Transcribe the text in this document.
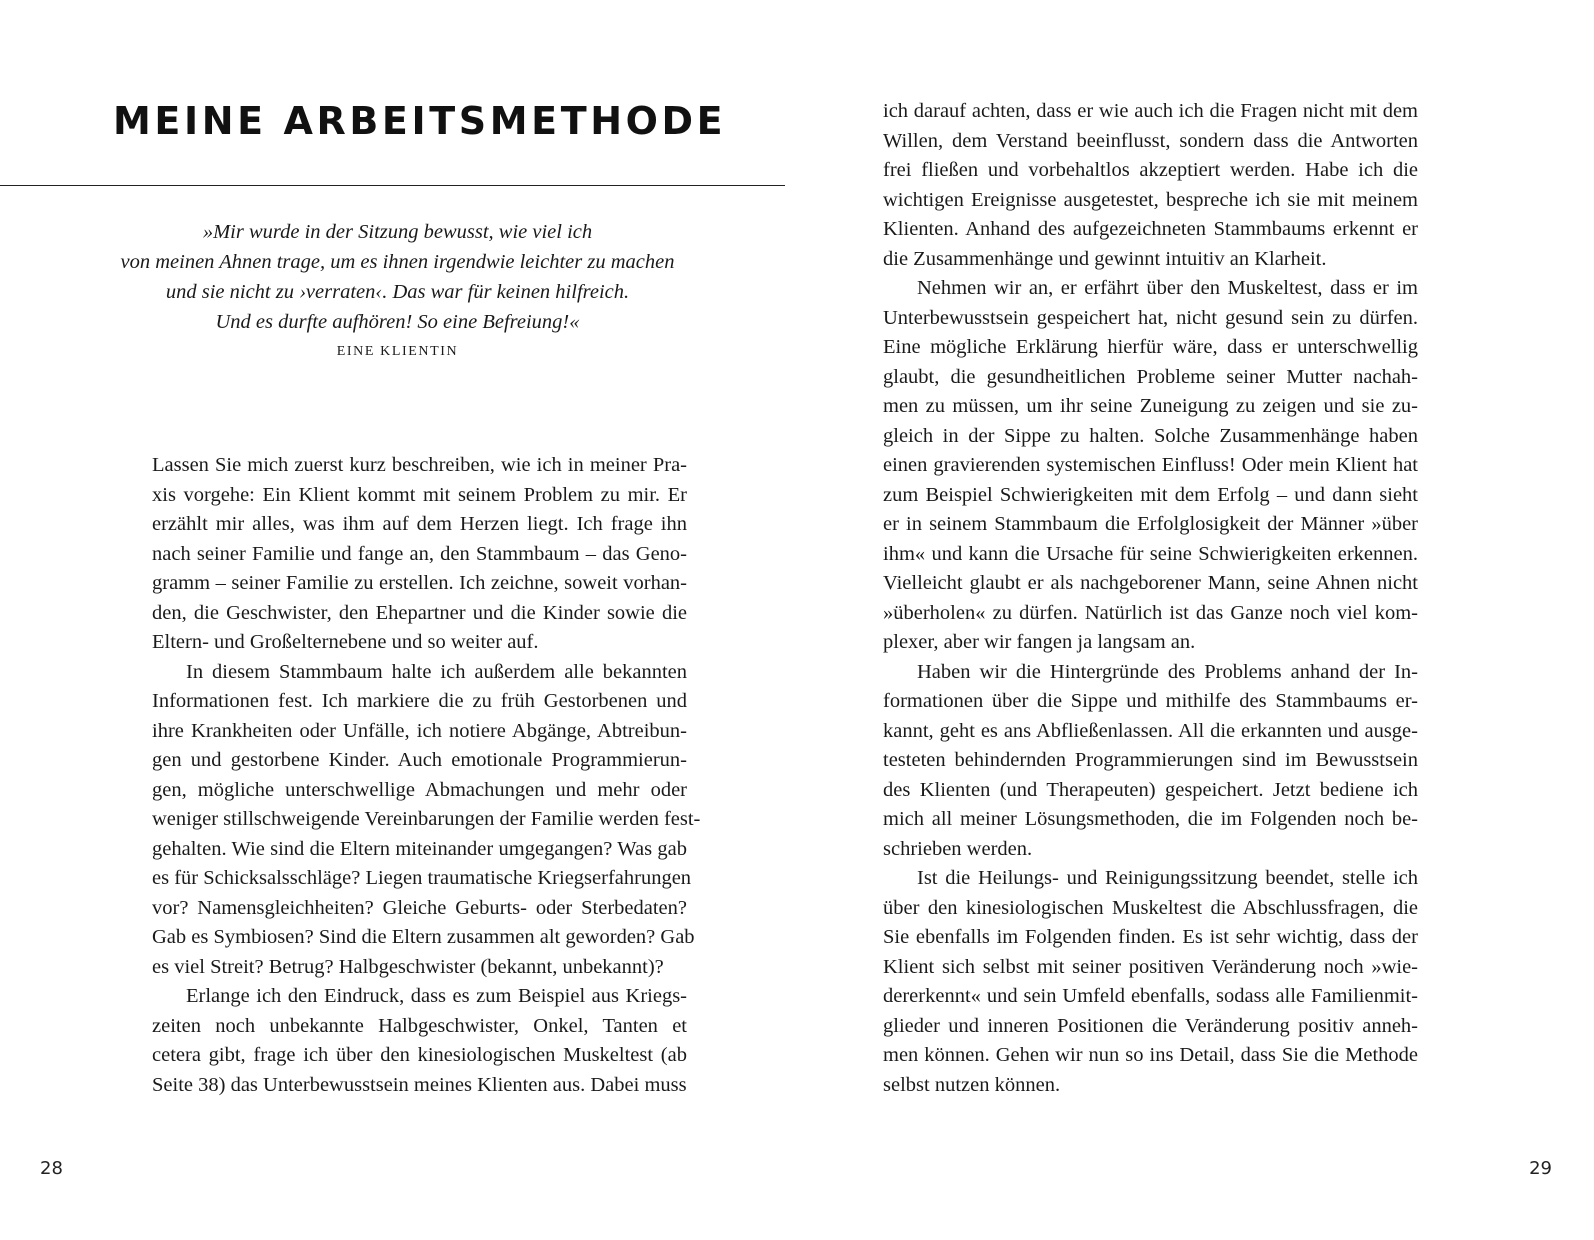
MEINE ARBEITSMETHODE
»Mir wurde in der Sitzung bewusst, wie viel ich
von meinen Ahnen trage, um es ihnen irgendwie leichter zu machen
und sie nicht zu ›verraten‹. Das war für keinen hilfreich.
Und es durfte aufhören! So eine Befreiung!«
EINE KLIENTIN
Lassen Sie mich zuerst kurz beschreiben, wie ich in meiner Pra-
xis vorgehe: Ein Klient kommt mit seinem Problem zu mir. Er
erzählt mir alles, was ihm auf dem Herzen liegt. Ich frage ihn
nach seiner Familie und fange an, den Stammbaum – das Geno-
gramm – seiner Familie zu erstellen. Ich zeichne, soweit vorhan-
den, die Geschwister, den Ehepartner und die Kinder sowie die
Eltern- und Großelternebene und so weiter auf.
In diesem Stammbaum halte ich außerdem alle bekannten
Informationen fest. Ich markiere die zu früh Gestorbenen und
ihre Krankheiten oder Unfälle, ich notiere Abgänge, Abtreibun-
gen und gestorbene Kinder. Auch emotionale Programmierun-
gen, mögliche unterschwellige Abmachungen und mehr oder
weniger stillschweigende Vereinbarungen der Familie werden fest-
gehalten. Wie sind die Eltern miteinander umgegangen? Was gab
es für Schicksalsschläge? Liegen traumatische Kriegserfahrungen
vor? Namensgleichheiten? Gleiche Geburts- oder Sterbedaten?
Gab es Symbiosen? Sind die Eltern zusammen alt geworden? Gab
es viel Streit? Betrug? Halbgeschwister (bekannt, unbekannt)?
Erlange ich den Eindruck, dass es zum Beispiel aus Kriegs-
zeiten noch unbekannte Halbgeschwister, Onkel, Tanten et
cetera gibt, frage ich über den kinesiologischen Muskeltest (ab
Seite 38) das Unterbewusstsein meines Klienten aus. Dabei muss
28
ich darauf achten, dass er wie auch ich die Fragen nicht mit dem
Willen, dem Verstand beeinflusst, sondern dass die Antworten
frei fließen und vorbehaltlos akzeptiert werden. Habe ich die
wichtigen Ereignisse ausgetestet, bespreche ich sie mit meinem
Klienten. Anhand des aufgezeichneten Stammbaums erkennt er
die Zusammenhänge und gewinnt intuitiv an Klarheit.
Nehmen wir an, er erfährt über den Muskeltest, dass er im
Unterbewusstsein gespeichert hat, nicht gesund sein zu dürfen.
Eine mögliche Erklärung hierfür wäre, dass er unterschwellig
glaubt, die gesundheitlichen Probleme seiner Mutter nachah-
men zu müssen, um ihr seine Zuneigung zu zeigen und sie zu-
gleich in der Sippe zu halten. Solche Zusammenhänge haben
einen gravierenden systemischen Einfluss! Oder mein Klient hat
zum Beispiel Schwierigkeiten mit dem Erfolg – und dann sieht
er in seinem Stammbaum die Erfolglosigkeit der Männer »über
ihm« und kann die Ursache für seine Schwierigkeiten erkennen.
Vielleicht glaubt er als nachgeborener Mann, seine Ahnen nicht
»überholen« zu dürfen. Natürlich ist das Ganze noch viel kom-
plexer, aber wir fangen ja langsam an.
Haben wir die Hintergründe des Problems anhand der In-
formationen über die Sippe und mithilfe des Stammbaums er-
kannt, geht es ans Abfließenlassen. All die erkannten und ausge-
testeten behindernden Programmierungen sind im Bewusstsein
des Klienten (und Therapeuten) gespeichert. Jetzt bediene ich
mich all meiner Lösungsmethoden, die im Folgenden noch be-
schrieben werden.
Ist die Heilungs- und Reinigungssitzung beendet, stelle ich
über den kinesiologischen Muskeltest die Abschlussfragen, die
Sie ebenfalls im Folgenden finden. Es ist sehr wichtig, dass der
Klient sich selbst mit seiner positiven Veränderung noch »wie-
dererkennt« und sein Umfeld ebenfalls, sodass alle Familienmit-
glieder und inneren Positionen die Veränderung positiv anneh-
men können. Gehen wir nun so ins Detail, dass Sie die Methode
selbst nutzen können.
29
